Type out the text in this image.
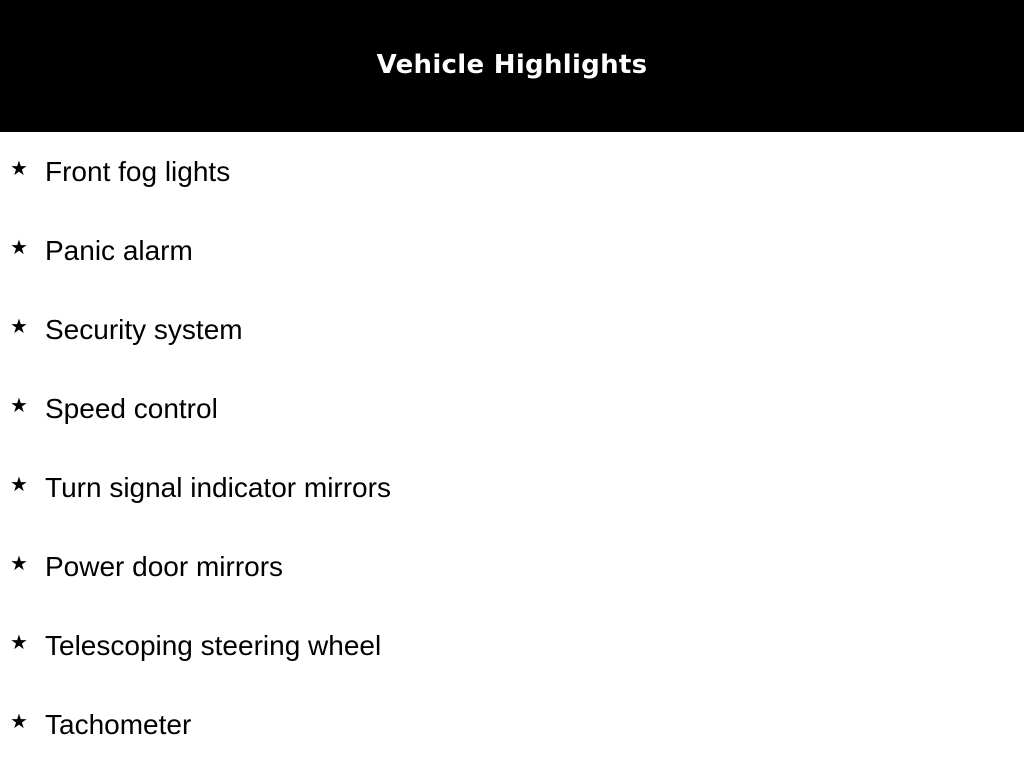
Vehicle Highlights
★ Front fog lights
★ Panic alarm
★ Security system
★ Speed control
★ Turn signal indicator mirrors
★ Power door mirrors
★ Telescoping steering wheel
★ Tachometer
